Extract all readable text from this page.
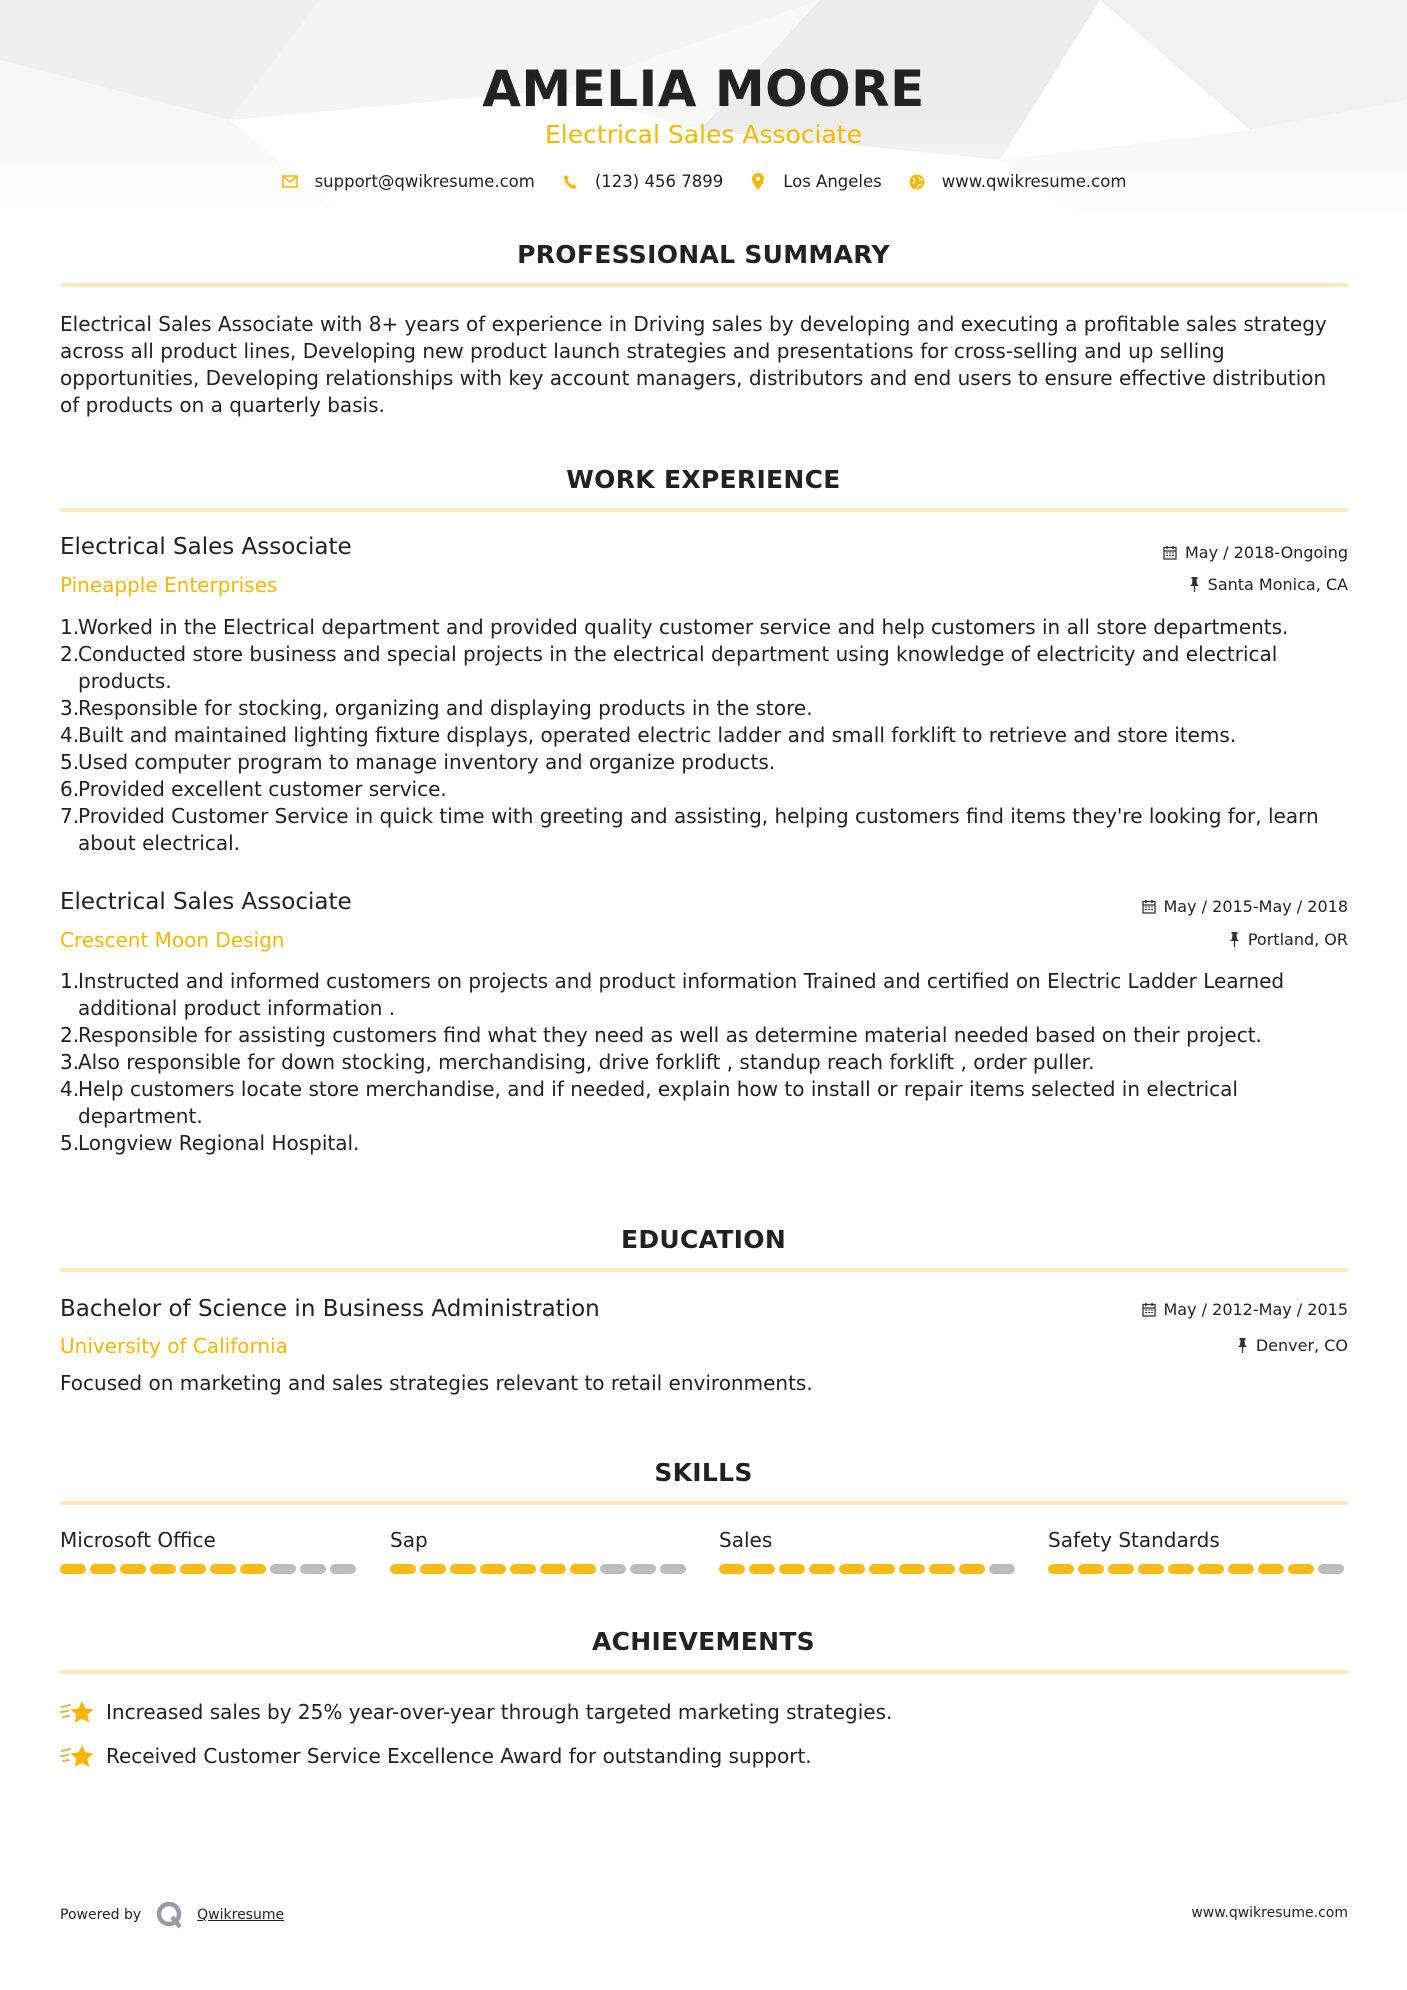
AMELIA MOORE
Electrical Sales Associate
support@qwikresume.com	(123) 456 7899	Los Angeles	www.qwikresume.com
PROFESSIONAL SUMMARY
Electrical Sales Associate with 8+ years of experience in Driving sales by developing and executing a profitable sales strategy across all product lines, Developing new product launch strategies and presentations for cross-selling and up selling opportunities, Developing relationships with key account managers, distributors and end users to ensure effective distribution of products on a quarterly basis.
WORK EXPERIENCE
Electrical Sales Associate
Pineapple Enterprises
May / 2018-Ongoing
Santa Monica, CA
1.
Worked in the Electrical department and provided quality customer service and help customers in all store departments.
2.
Conducted store business and special projects in the electrical department using knowledge of electricity and electrical products.
3.
Responsible for stocking, organizing and displaying products in the store.
4.
Built and maintained lighting fixture displays, operated electric ladder and small forklift to retrieve and store items.
5.
Used computer program to manage inventory and organize products.
6.
Provided excellent customer service.
7.
Provided Customer Service in quick time with greeting and assisting, helping customers find items they're looking for, learn about electrical.
Electrical Sales Associate
Crescent Moon Design
May / 2015-May / 2018
Portland, OR
1.
Instructed and informed customers on projects and product information Trained and certified on Electric Ladder Learned additional product information .
2.
Responsible for assisting customers find what they need as well as determine material needed based on their project.
3.
Also responsible for down stocking, merchandising, drive forklift , standup reach forklift , order puller.
4.
Help customers locate store merchandise, and if needed, explain how to install or repair items selected in electrical department.
5.
Longview Regional Hospital.
EDUCATION
Bachelor of Science in Business Administration
University of California
May / 2012-May / 2015
Denver, CO
Focused on marketing and sales strategies relevant to retail environments.
SKILLS
Microsoft Office	Sap	Sales	Safety Standards
ACHIEVEMENTS
Increased sales by 25% year-over-year through targeted marketing strategies.
Received Customer Service Excellence Award for outstanding support.
Powered by	Qwikresume	www.qwikresume.com
